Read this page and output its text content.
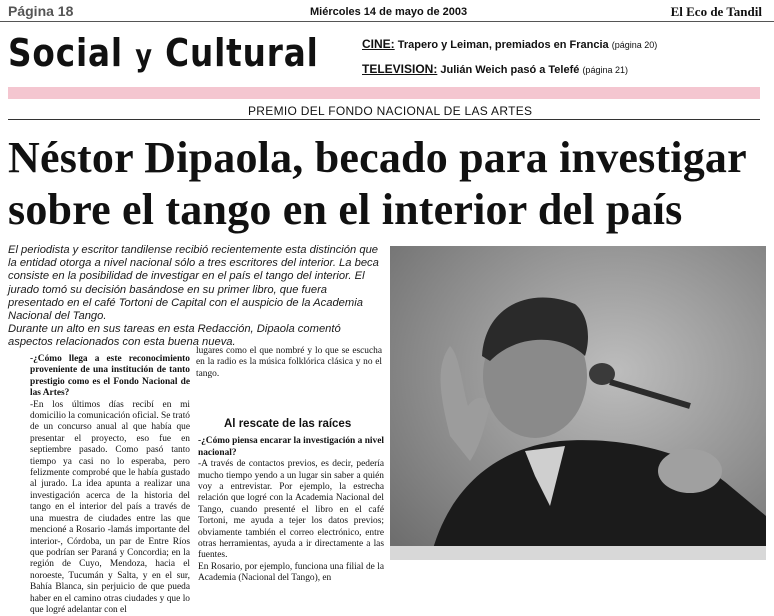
Página 18	Miércoles 14 de mayo de 2003	El Eco de Tandil
Social y Cultural	CINE: Trapero y Leiman, premiados en Francia (página 20)
TELEVISION: Julián Weich pasó a Telefé (página 21)
PREMIO DEL FONDO NACIONAL DE LAS ARTES
Néstor Dipaola, becado para investigar
sobre el tango en el interior del país
El periodista y escritor tandilense recibió recientemente esta distinción que la entidad otorga a nivel nacional sólo a tres escritores del interior. La beca consiste en la posibilidad de investigar en el país el tango del interior. El jurado tomó su decisión basándose en su primer libro, que fuera presentado en el café Tortoni de Capital con el auspicio de la Academia Nacional del Tango.
Durante un alto en sus tareas en esta Redacción, Dipaola comentó aspectos relacionados con esta buena nueva.

-¿Cómo llega a este reconocimiento proveniente de una institución de tanto prestigio como es el Fondo Nacional de las Artes?

-En los últimos días recibí en mi domicilio la comunicación oficial. Se trató de un concurso anual al que había que presentar el proyecto, eso fue en septiembre pasado. Como pasó tanto tiempo ya casi no lo esperaba, pero felizmente comprobé que le había gustado al jurado. La idea apunta a realizar una investigación acerca de la historia del tango en el interior del país a través de una muestra de ciudades entre las que mencioné a Rosario -lamás importante del interior-, Córdoba, un par de Entre Ríos que podrían ser Paraná y Concordia; en la región de Cuyo, Mendoza, hacia el noroeste, Tucumán y Salta, y en el sur, Bahía Blanca, sin perjuicio de que pueda haber en el camino otras ciudades y que lo que logré adelantar con el

lugares como el que nombré y lo que se escucha en la radio es la música folklórica clásica y no el tango.

Al rescate de las raíces

-¿Cómo piensa encarar la investigación a nivel nacional?

-A través de contactos previos, es decir, pedería mucho tiempo yendo a un lugar sin saber a quién voy a entrevistar. Por ejemplo, la estrecha relación que logré con la Academia Nacional del Tango, cuando presenté el libro en el café Tortoni, me ayuda a tejer los datos previos; obviamente también el correo electrónico, entre otras herramientas, ayuda a ir directamente a las fuentes.

En Rosario, por ejemplo, funciona una filial de la Academia (Nacional del Tango), en
